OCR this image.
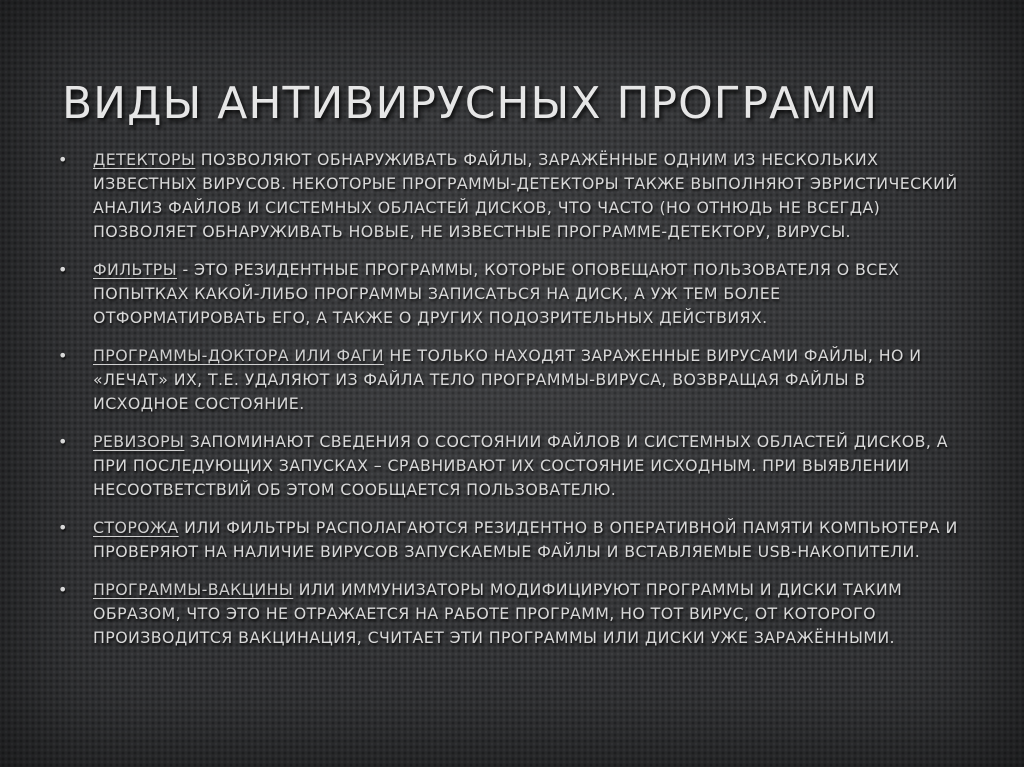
ВИДЫ АНТИВИРУСНЫХ ПРОГРАММ
• ДЕТЕКТОРЫ ПОЗВОЛЯЮТ ОБНАРУЖИВАТЬ ФАЙЛЫ, ЗАРАЖЁННЫЕ ОДНИМ ИЗ НЕСКОЛЬКИХ ИЗВЕСТНЫХ ВИРУСОВ. НЕКОТОРЫЕ ПРОГРАММЫ-ДЕТЕКТОРЫ ТАКЖЕ ВЫПОЛНЯЮТ ЭВРИСТИЧЕСКИЙ АНАЛИЗ ФАЙЛОВ И СИСТЕМНЫХ ОБЛАСТЕЙ ДИСКОВ, ЧТО ЧАСТО (НО ОТНЮДЬ НЕ ВСЕГДА) ПОЗВОЛЯЕТ ОБНАРУЖИВАТЬ НОВЫЕ, НЕ ИЗВЕСТНЫЕ ПРОГРАММЕ-ДЕТЕКТОРУ, ВИРУСЫ.
• ФИЛЬТРЫ - ЭТО РЕЗИДЕНТНЫЕ ПРОГРАММЫ, КОТОРЫЕ ОПОВЕЩАЮТ ПОЛЬЗОВАТЕЛЯ О ВСЕХ ПОПЫТКАХ КАКОЙ-ЛИБО ПРОГРАММЫ ЗАПИСАТЬСЯ НА ДИСК, А УЖ ТЕМ БОЛЕЕ ОТФОРМАТИРОВАТЬ ЕГО, А ТАКЖЕ О ДРУГИХ ПОДОЗРИТЕЛЬНЫХ ДЕЙСТВИЯХ.
• ПРОГРАММЫ-ДОКТОРА ИЛИ ФАГИ НЕ ТОЛЬКО НАХОДЯТ ЗАРАЖЕННЫЕ ВИРУСАМИ ФАЙЛЫ, НО И «ЛЕЧАТ» ИХ, Т.Е. УДАЛЯЮТ ИЗ ФАЙЛА ТЕЛО ПРОГРАММЫ-ВИРУСА, ВОЗВРАЩАЯ ФАЙЛЫ В ИСХОДНОЕ СОСТОЯНИЕ.
• РЕВИЗОРЫ ЗАПОМИНАЮТ СВЕДЕНИЯ О СОСТОЯНИИ ФАЙЛОВ И СИСТЕМНЫХ ОБЛАСТЕЙ ДИСКОВ, А ПРИ ПОСЛЕДУЮЩИХ ЗАПУСКАХ – СРАВНИВАЮТ ИХ СОСТОЯНИЕ ИСХОДНЫМ. ПРИ ВЫЯВЛЕНИИ НЕСООТВЕТСТВИЙ ОБ ЭТОМ СООБЩАЕТСЯ ПОЛЬЗОВАТЕЛЮ.
• СТОРОЖА ИЛИ ФИЛЬТРЫ РАСПОЛАГАЮТСЯ РЕЗИДЕНТНО В ОПЕРАТИВНОЙ ПАМЯТИ КОМПЬЮТЕРА И ПРОВЕРЯЮТ НА НАЛИЧИЕ ВИРУСОВ ЗАПУСКАЕМЫЕ ФАЙЛЫ И ВСТАВЛЯЕМЫЕ USB-НАКОПИТЕЛИ.
• ПРОГРАММЫ-ВАКЦИНЫ ИЛИ ИММУНИЗАТОРЫ МОДИФИЦИРУЮТ ПРОГРАММЫ И ДИСКИ ТАКИМ ОБРАЗОМ, ЧТО ЭТО НЕ ОТРАЖАЕТСЯ НА РАБОТЕ ПРОГРАММ, НО ТОТ ВИРУС, ОТ КОТОРОГО ПРОИЗВОДИТСЯ ВАКЦИНАЦИЯ, СЧИТАЕТ ЭТИ ПРОГРАММЫ ИЛИ ДИСКИ УЖЕ ЗАРАЖЁННЫМИ.
